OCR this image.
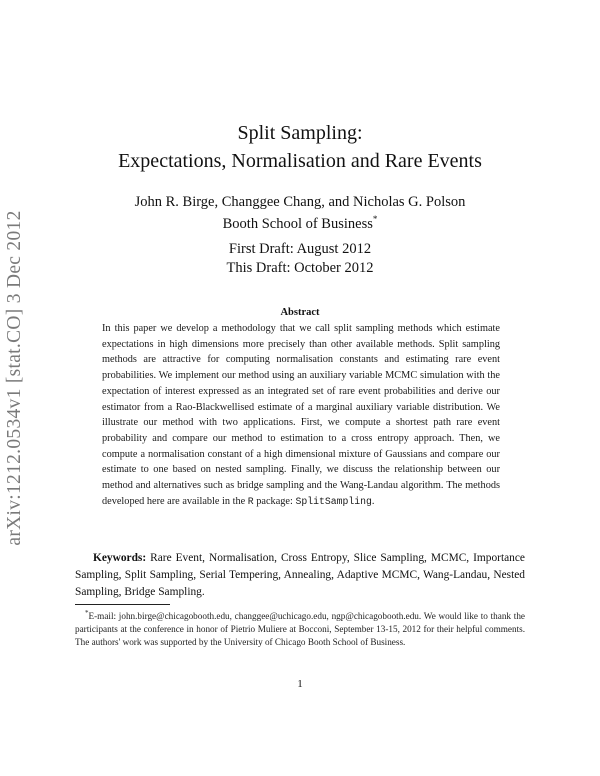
arXiv:1212.0534v1 [stat.CO] 3 Dec 2012
Split Sampling:
Expectations, Normalisation and Rare Events
John R. Birge, Changgee Chang, and Nicholas G. Polson
Booth School of Business*
First Draft: August 2012
This Draft: October 2012
Abstract
In this paper we develop a methodology that we call split sampling methods which estimate expectations in high dimensions more precisely than other available methods. Split sampling methods are attractive for computing normalisation constants and estimating rare event probabilities. We implement our method using an auxiliary variable MCMC simulation with the expectation of interest expressed as an integrated set of rare event probabilities and derive our estimator from a Rao-Blackwellised estimate of a marginal auxiliary variable distribution. We illustrate our method with two applications. First, we compute a shortest path rare event probability and compare our method to estimation to a cross entropy approach. Then, we compute a normalisation constant of a high dimensional mixture of Gaussians and compare our estimate to one based on nested sampling. Finally, we discuss the relationship between our method and alternatives such as bridge sampling and the Wang-Landau algorithm. The methods developed here are available in the R package: SplitSampling.
Keywords: Rare Event, Normalisation, Cross Entropy, Slice Sampling, MCMC, Importance Sampling, Split Sampling, Serial Tempering, Annealing, Adaptive MCMC, Wang-Landau, Nested Sampling, Bridge Sampling.
*E-mail: john.birge@chicagobooth.edu, changgee@uchicago.edu, ngp@chicagobooth.edu. We would like to thank the participants at the conference in honor of Pietrio Muliere at Bocconi, September 13-15, 2012 for their helpful comments. The authors' work was supported by the University of Chicago Booth School of Business.
1
